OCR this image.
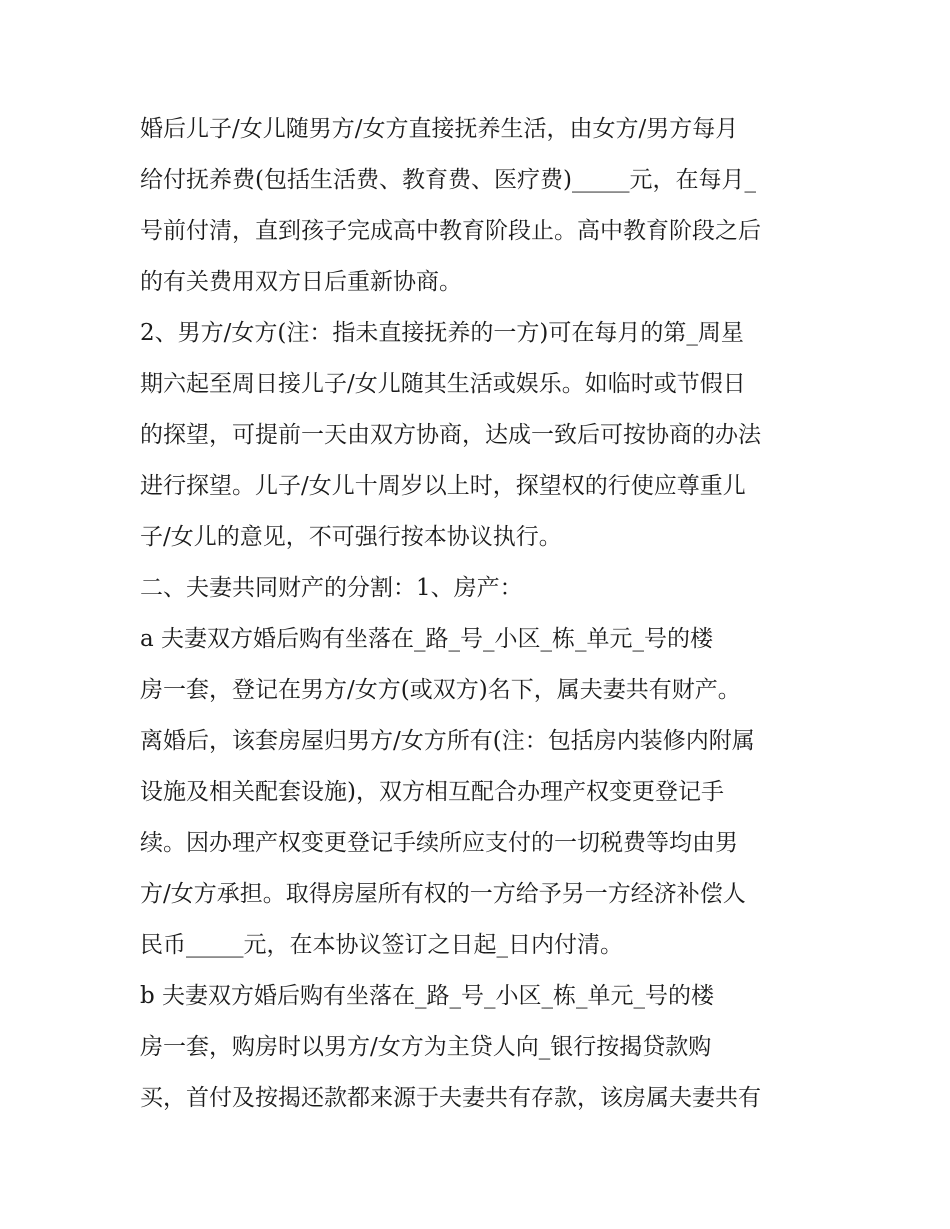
婚后儿子/女儿随男方/女方直接抚养生活，由女方/男方每月
给付抚养费(包括生活费、教育费、医疗费)_____元，在每月_
号前付清，直到孩子完成高中教育阶段止。高中教育阶段之后
的有关费用双方日后重新协商。
2、男方/女方(注：指未直接抚养的一方)可在每月的第_周星
期六起至周日接儿子/女儿随其生活或娱乐。如临时或节假日
的探望，可提前一天由双方协商，达成一致后可按协商的办法
进行探望。儿子/女儿十周岁以上时，探望权的行使应尊重儿
子/女儿的意见，不可强行按本协议执行。
二、夫妻共同财产的分割：1、房产：
a 夫妻双方婚后购有坐落在_路_号_小区_栋_单元_号的楼
房一套，登记在男方/女方(或双方)名下，属夫妻共有财产。
离婚后，该套房屋归男方/女方所有(注：包括房内装修内附属
设施及相关配套设施)，双方相互配合办理产权变更登记手
续。因办理产权变更登记手续所应支付的一切税费等均由男
方/女方承担。取得房屋所有权的一方给予另一方经济补偿人
民币_____元，在本协议签订之日起_日内付清。
b 夫妻双方婚后购有坐落在_路_号_小区_栋_单元_号的楼
房一套，购房时以男方/女方为主贷人向_银行按揭贷款购
买，首付及按揭还款都来源于夫妻共有存款，该房属夫妻共有
